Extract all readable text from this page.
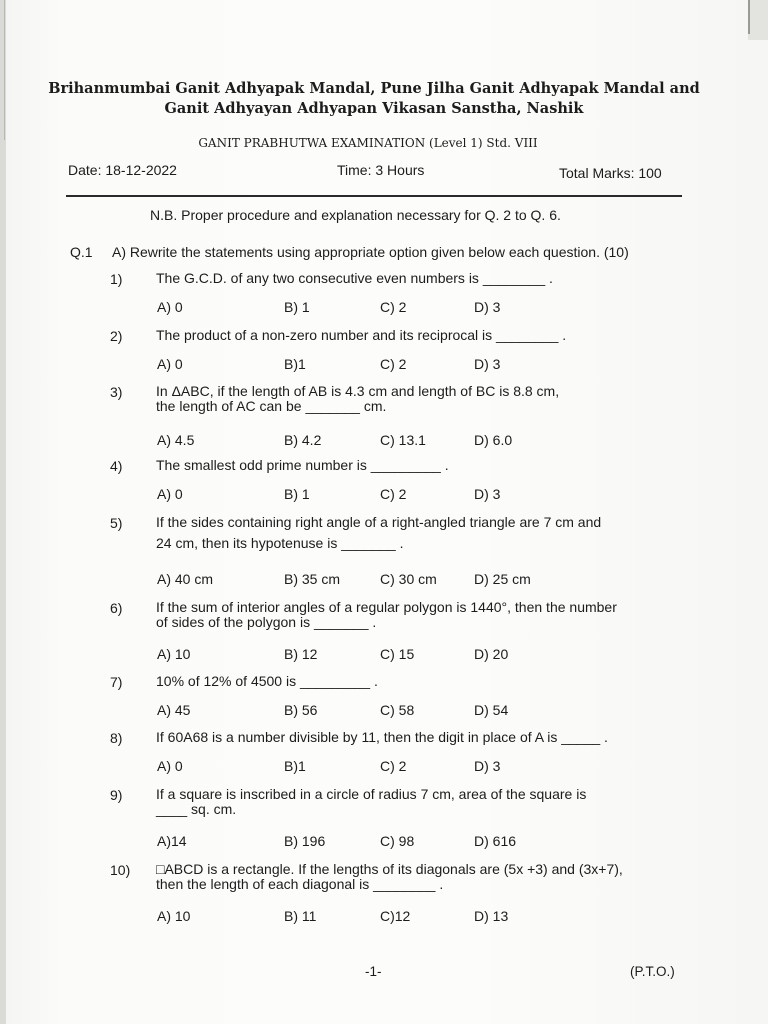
Brihanmumbai Ganit Adhyapak Mandal, Pune Jilha Ganit Adhyapak Mandal and
Ganit Adhyayan Adhyapan Vikasan Sanstha, Nashik
GANIT PRABHUTWA EXAMINATION (Level 1) Std. VIII
Date: 18-12-2022	Time: 3 Hours	Total Marks: 100
N.B. Proper procedure and explanation necessary for Q. 2 to Q. 6.
Q.1 A) Rewrite the statements using appropriate option given below each question. (10)
1) The G.C.D. of any two consecutive even numbers is ________ .
A) 0	B) 1	C) 2	D) 3
2) The product of a non-zero number and its reciprocal is ________ .
A) 0	B)1	C) 2	D) 3
3) In ΔABC, if the length of AB is 4.3 cm and length of BC is 8.8 cm,
the length of AC can be _______ cm.
A) 4.5	B) 4.2	C) 13.1	D) 6.0
4) The smallest odd prime number is _________ .
A) 0	B) 1	C) 2	D) 3
5) If the sides containing right angle of a right-angled triangle are 7 cm and
24 cm, then its hypotenuse is _______ .
A) 40 cm	B) 35 cm	C) 30 cm	D) 25 cm
6) If the sum of interior angles of a regular polygon is 1440°, then the number
of sides of the polygon is _______ .
A) 10	B) 12	C) 15	D) 20
7) 10% of 12% of 4500 is _________ .
A) 45	B) 56	C) 58	D) 54
8) If 60A68 is a number divisible by 11, then the digit in place of A is _____ .
A) 0	B)1	C) 2	D) 3
9) If a square is inscribed in a circle of radius 7 cm, area of the square is
____ sq. cm.
A)14	B) 196	C) 98	D) 616
10) □ABCD is a rectangle. If the lengths of its diagonals are (5x +3) and (3x+7),
then the length of each diagonal is ________ .
A) 10	B) 11	C)12	D) 13
-1-	(P.T.O.)
